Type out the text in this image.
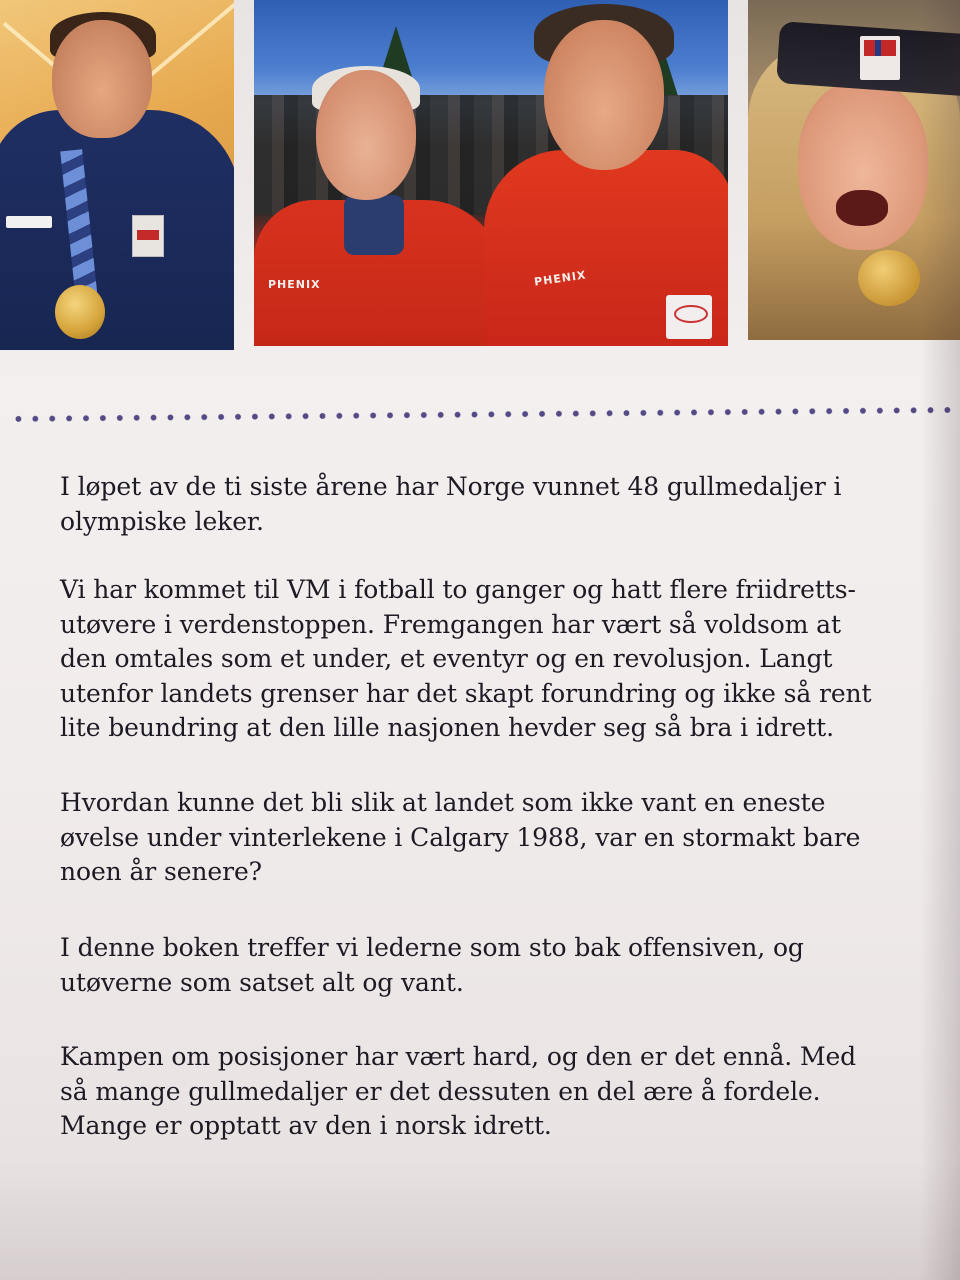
PHENIX	PHENIX
I løpet av de ti siste årene har Norge vunnet 48 gullmedaljer i
olympiske leker.
Vi har kommet til VM i fotball to ganger og hatt flere friidretts-
utøvere i verdenstoppen. Fremgangen har vært så voldsom at
den omtales som et under, et eventyr og en revolusjon. Langt
utenfor landets grenser har det skapt forundring og ikke så rent
lite beundring at den lille nasjonen hevder seg så bra i idrett.
Hvordan kunne det bli slik at landet som ikke vant en eneste
øvelse under vinterlekene i Calgary 1988, var en stormakt bare
noen år senere?
I denne boken treffer vi lederne som sto bak offensiven, og
utøverne som satset alt og vant.
Kampen om posisjoner har vært hard, og den er det ennå. Med
så mange gullmedaljer er det dessuten en del ære å fordele.
Mange er opptatt av den i norsk idrett.
